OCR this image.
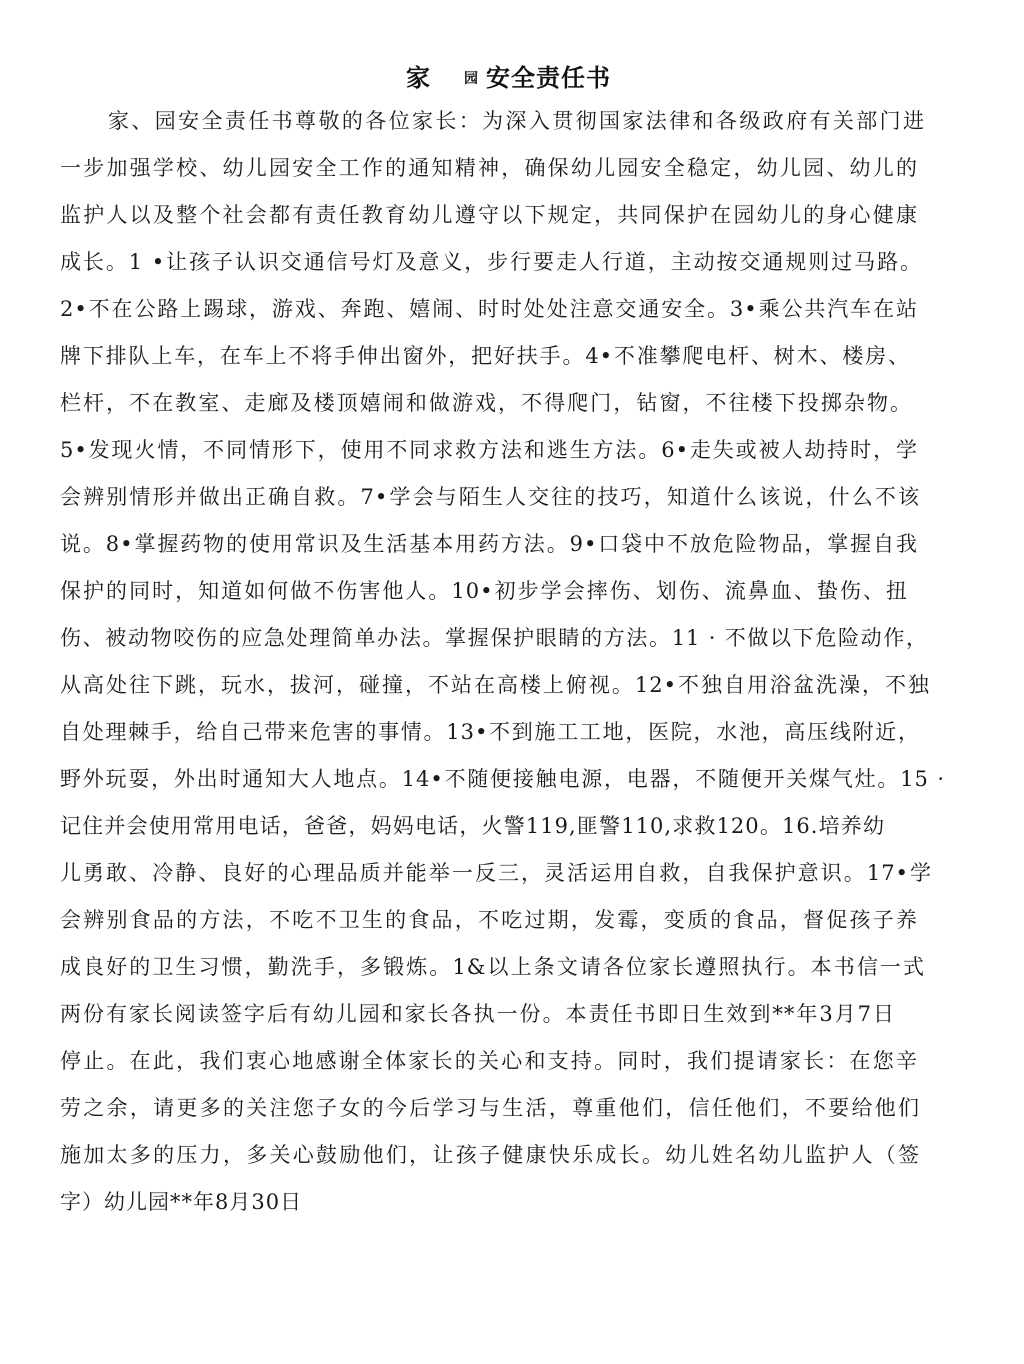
家 园 安全责任书
家、园安全责任书尊敬的各位家长：为深入贯彻国家法律和各级政府有关部门进
一步加强学校、幼儿园安全工作的通知精神，确保幼儿园安全稳定，幼儿园、幼儿的
监护人以及整个社会都有责任教育幼儿遵守以下规定，共同保护在园幼儿的身心健康
成长。1 •让孩子认识交通信号灯及意义，步行要走人行道，主动按交通规则过马路。
2•不在公路上踢球，游戏、奔跑、嬉闹、时时处处注意交通安全。3•乘公共汽车在站
牌下排队上车，在车上不将手伸出窗外，把好扶手。4•不准攀爬电杆、树木、楼房、
栏杆，不在教室、走廊及楼顶嬉闹和做游戏，不得爬门，钻窗，不往楼下投掷杂物。
5•发现火情，不同情形下，使用不同求救方法和逃生方法。6•走失或被人劫持时，学
会辨别情形并做出正确自救。7•学会与陌生人交往的技巧，知道什么该说，什么不该
说。8•掌握药物的使用常识及生活基本用药方法。9•口袋中不放危险物品，掌握自我
保护的同时，知道如何做不伤害他人。10•初步学会摔伤、划伤、流鼻血、蛰伤、扭
伤、被动物咬伤的应急处理简单办法。掌握保护眼睛的方法。11 · 不做以下危险动作，
从高处往下跳，玩水，拔河，碰撞，不站在高楼上俯视。12•不独自用浴盆洗澡，不独
自处理棘手，给自己带来危害的事情。13•不到施工工地，医院，水池，高压线附近，
野外玩耍，外出时通知大人地点。14•不随便接触电源，电器，不随便开关煤气灶。15 ·
记住并会使用常用电话，爸爸，妈妈电话，火警119,匪警110,求救120。16.培养幼
儿勇敢、冷静、良好的心理品质并能举一反三，灵活运用自救，自我保护意识。17•学
会辨别食品的方法，不吃不卫生的食品，不吃过期，发霉，变质的食品，督促孩子养
成良好的卫生习惯，勤洗手，多锻炼。1&以上条文请各位家长遵照执行。本书信一式
两份有家长阅读签字后有幼儿园和家长各执一份。本责任书即日生效到**年3月7日
停止。在此，我们衷心地感谢全体家长的关心和支持。同时，我们提请家长：在您辛
劳之余，请更多的关注您子女的今后学习与生活，尊重他们，信任他们，不要给他们
施加太多的压力，多关心鼓励他们，让孩子健康快乐成长。幼儿姓名幼儿监护人（签
字）幼儿园**年8月30日
